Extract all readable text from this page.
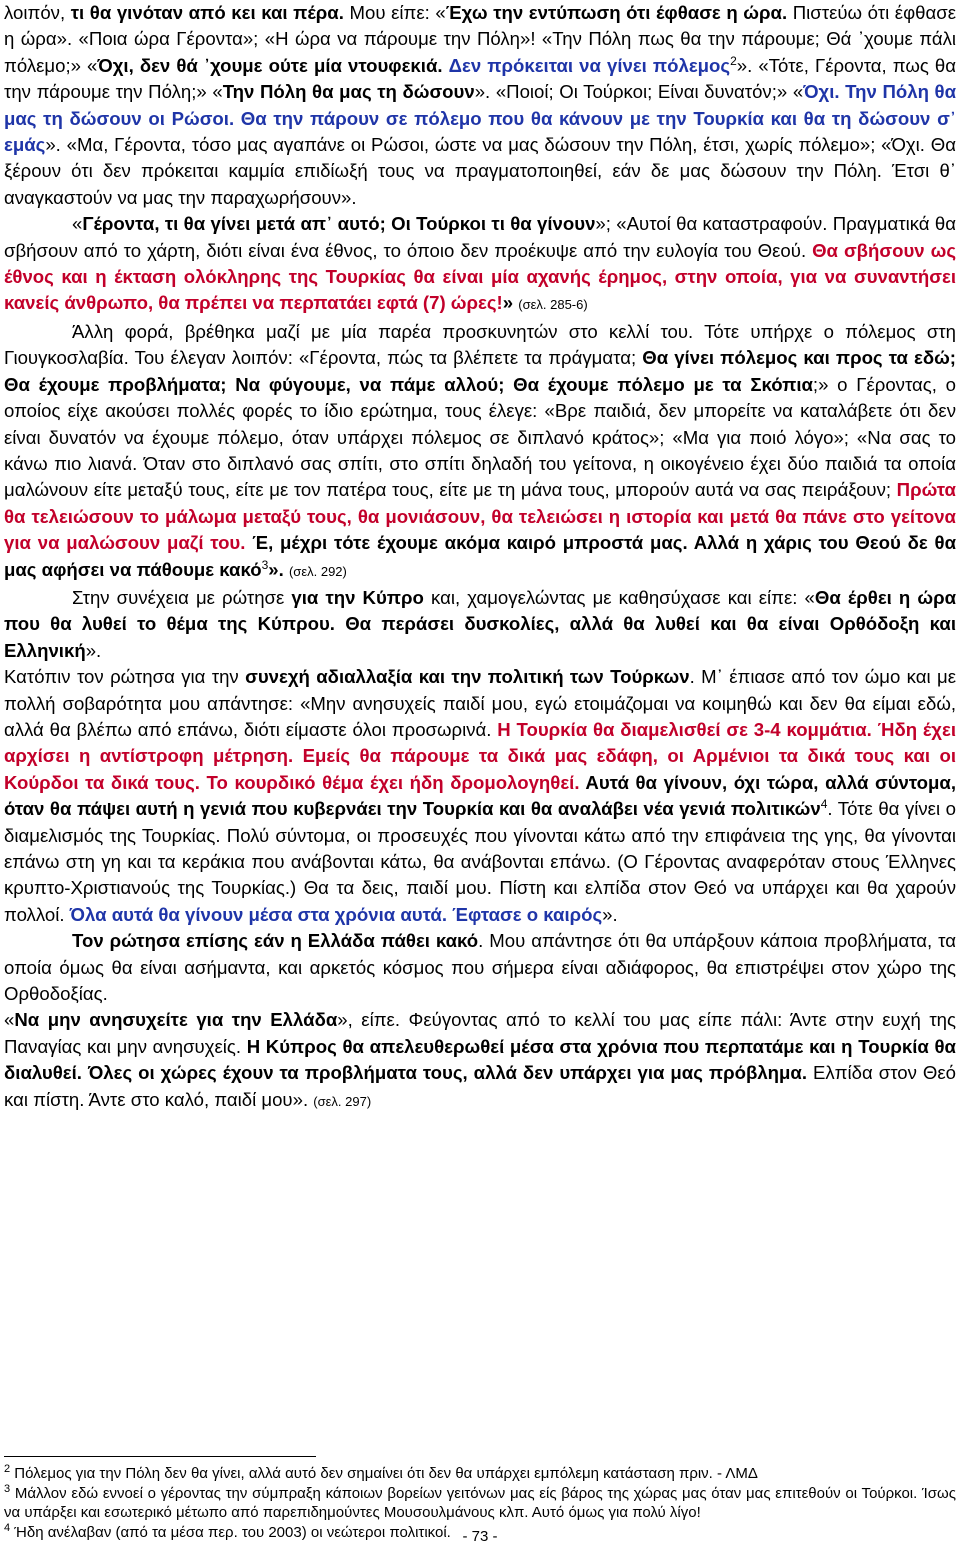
λοιπόν, τι θα γινόταν από κει και πέρα. Μου είπε: «Έχω την εντύπωση ότι έφθασε η ώρα. Πιστεύω ότι έφθασε η ώρα». «Ποια ώρα Γέροντα»; «Η ώρα να πάρουμε την Πόλη»! «Την Πόλη πως θα την πάρουμε; Θά ᾽χουμε πάλι πόλεμο;» «Όχι, δεν θά ᾽χουμε ούτε μία ντουφεκιά. Δεν πρόκειται να γίνει πόλεμος$^2$». «Τότε, Γέροντα, πως θα την πάρουμε την Πόλη;» «Την Πόλη θα μας τη δώσουν». «Ποιοί; Οι Τούρκοι; Είναι δυνατόν;» «Όχι. Την Πόλη θα μας τη δώσουν οι Ρώσοι. Θα την πάρουν σε πόλεμο που θα κάνουν με την Τουρκία και θα τη δώσουν σ᾽ εμάς». «Μα, Γέροντα, τόσο μας αγαπάνε οι Ρώσοι, ώστε να μας δώσουν την Πόλη, έτσι, χωρίς πόλεμο»; «Όχι. Θα ξέρουν ότι δεν πρόκειται καμμία επιδίωξή τους να πραγματοποιηθεί, εάν δε μας δώσουν την Πόλη. Έτσι θ᾽ αναγκαστούν να μας την παραχωρήσουν».

«Γέροντα, τι θα γίνει μετά απ᾽ αυτό; Οι Τούρκοι τι θα γίνουν»; «Αυτοί θα καταστραφούν. Πραγματικά θα σβήσουν από το χάρτη, διότι είναι ένα έθνος, το όποιο δεν προέκυψε από την ευλογία του Θεού. Θα σβήσουν ως έθνος και η έκταση ολόκληρης της Τουρκίας θα είναι μία αχανής έρημος, στην οποία, για να συναντήσει κανείς άνθρωπο, θα πρέπει να περπατάει εφτά (7) ώρες!» (σελ. 285-6)

Άλλη φορά, βρέθηκα μαζί με μία παρέα προσκυνητών στο κελλί του. Τότε υπήρχε ο πόλεμος στη Γιουγκοσλαβία. Του έλεγαν λοιπόν: «Γέροντα, πώς τα βλέπετε τα πράγματα; Θα γίνει πόλεμος και προς τα εδώ; Θα έχουμε προβλήματα; Να φύγουμε, να πάμε αλλού; Θα έχουμε πόλεμο με τα Σκόπια;» ο Γέροντας, ο οποίος είχε ακούσει πολλές φορές το ίδιο ερώτημα, τους έλεγε: «Βρε παιδιά, δεν μπορείτε να καταλάβετε ότι δεν είναι δυνατόν να έχουμε πόλεμο, όταν υπάρχει πόλεμος σε διπλανό κράτος»; «Μα για ποιό λόγο»; «Να σας το κάνω πιο λιανά. Όταν στο διπλανό σας σπίτι, στο σπίτι δηλαδή του γείτονα, η οικογένειο έχει δύο παιδιά τα οποία μαλώνουν είτε μεταξύ τους, είτε με τον πατέρα τους, είτε με τη μάνα τους, μπορούν αυτά να σας πειράξουν; Πρώτα θα τελειώσουν το μάλωμα μεταξύ τους, θα μονιάσουν, θα τελειώσει η ιστορία και μετά θα πάνε στο γείτονα για να μαλώσουν μαζί του. Έ, μέχρι τότε έχουμε ακόμα καιρό μπροστά μας. Αλλά η χάρις του Θεού δε θα μας αφήσει να πάθουμε κακό$^3$». (σελ. 292)

Στην συνέχεια με ρώτησε για την Κύπρο και, χαμογελώντας με καθησύχασε και είπε: «Θα έρθει η ώρα που θα λυθεί το θέμα της Κύπρου. Θα περάσει δυσκολίες, αλλά θα λυθεί και θα είναι Ορθόδοξη και Ελληνική».

Κατόπιν τον ρώτησα για την συνεχή αδιαλλαξία και την πολιτική των Τούρκων. Μ᾽ έπιασε από τον ώμο και με πολλή σοβαρότητα μου απάντησε: «Μην ανησυχείς παιδί μου, εγώ ετοιμάζομαι να κοιμηθώ και δεν θα είμαι εδώ, αλλά θα βλέπω από επάνω, διότι είμαστε όλοι προσωρινά. Η Τουρκία θα διαμελισθεί σε 3-4 κομμάτια. Ήδη έχει αρχίσει η αντίστροφη μέτρηση. Εμείς θα πάρουμε τα δικά μας εδάφη, οι Αρμένιοι τα δικά τους και οι Κούρδοι τα δικά τους. Το κουρδικό θέμα έχει ήδη δρομολογηθεί. Αυτά θα γίνουν, όχι τώρα, αλλά σύντομα, όταν θα πάψει αυτή η γενιά που κυβερνάει την Τουρκία και θα αναλάβει νέα γενιά πολιτικών$^4$. Τότε θα γίνει ο διαμελισμός της Τουρκίας. Πολύ σύντομα, οι προσευχές που γίνονται κάτω από την επιφάνεια της γης, θα γίνονται επάνω στη γη και τα κεράκια που ανάβονται κάτω, θα ανάβονται επάνω. (Ο Γέροντας αναφερόταν στους Έλληνες κρυπτο-Χριστιανούς της Τουρκίας.) Θα τα δεις, παιδί μου. Πίστη και ελπίδα στον Θεό να υπάρχει και θα χαρούν πολλοί. Όλα αυτά θα γίνουν μέσα στα χρόνια αυτά. Έφτασε ο καιρός».

Τον ρώτησα επίσης εάν η Ελλάδα πάθει κακό. Μου απάντησε ότι θα υπάρξουν κάποια προβλήματα, τα οποία όμως θα είναι ασήμαντα, και αρκετός κόσμος που σήμερα είναι αδιάφορος, θα επιστρέψει στον χώρο της Ορθοδοξίας.

«Να μην ανησυχείτε για την Ελλάδα», είπε. Φεύγοντας από το κελλί του μας είπε πάλι: Άντε στην ευχή της Παναγίας και μην ανησυχείς. Η Κύπρος θα απελευθερωθεί μέσα στα χρόνια που περπατάμε και η Τουρκία θα διαλυθεί. Όλες οι χώρες έχουν τα προβλήματα τους, αλλά δεν υπάρχει για μας πρόβλημα. Ελπίδα στον Θεό και πίστη. Άντε στο καλό, παιδί μου». (σελ. 297)

$^2$ Πόλεμος για την Πόλη δεν θα γίνει, αλλά αυτό δεν σημαίνει ότι δεν θα υπάρχει εμπόλεμη κατάσταση πριν. - ΛΜΔ

$^3$ Μάλλον εδώ εννοεί ο γέροντας την σύμπραξη κάποιων βορείων γειτόνων μας είς βάρος της χώρας μας όταν μας επιτεθούν οι Τούρκοι. Ίσως να υπάρξει και εσωτερικό μέτωπο από παρεπιδημούντες Μουσουλμάνους κλπ. Αυτό όμως για πολύ λίγο!

$^4$ Ήδη ανέλαβαν (από τα μέσα περ. του 2003) οι νεώτεροι πολιτικοί. - 73 -
